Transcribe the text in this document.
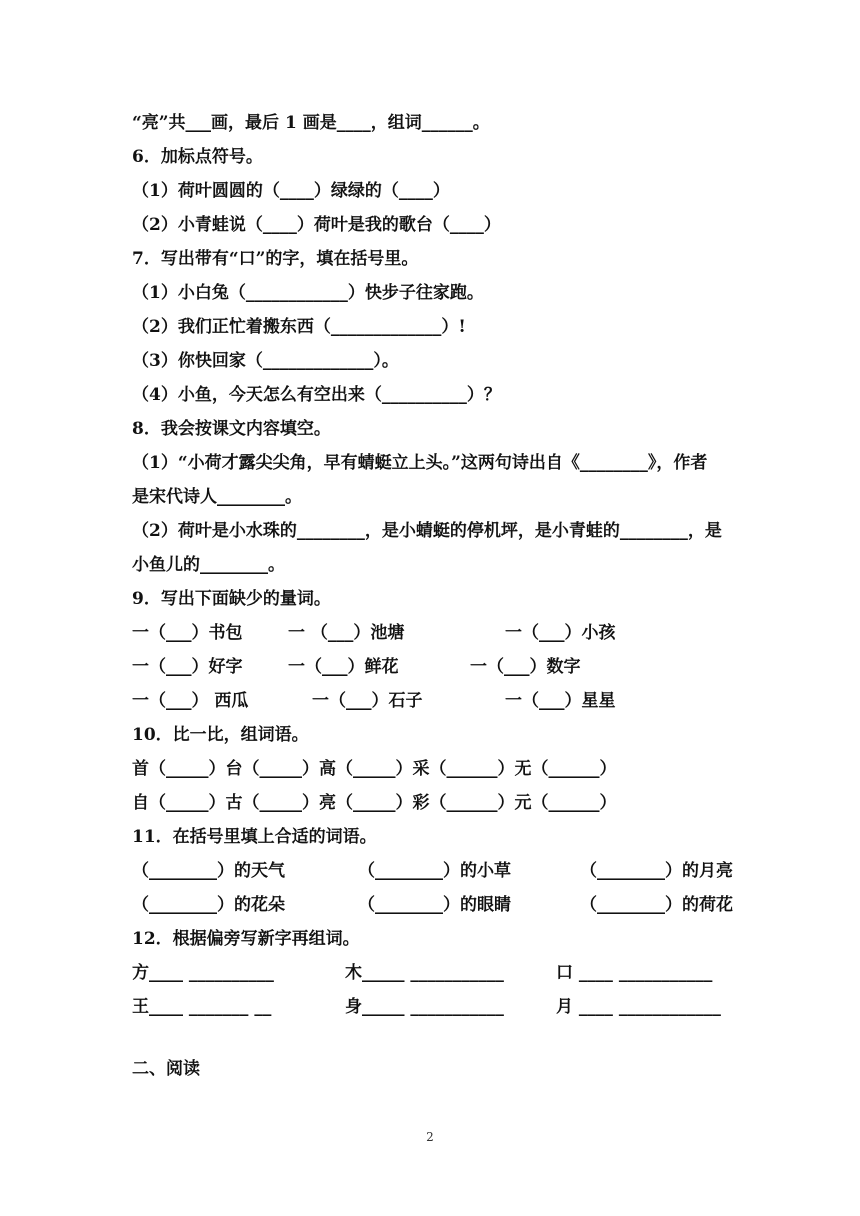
“亮”共___画，最后 1 画是____，组词______。
6．加标点符号。
（1）荷叶圆圆的（____）绿绿的（____）
（2）小青蛙说（____）荷叶是我的歌台（____）
7．写出带有“口”的字，填在括号里。
（1）小白兔（____________）快步子往家跑。
（2）我们正忙着搬东西（_____________）!
（3）你快回家（_____________）。
（4）小鱼，今天怎么有空出来（__________）？
8．我会按课文内容填空。
（1）“小荷才露尖尖角，早有蜻蜓立上头。”这两句诗出自《________》，作者
是宋代诗人________。
（2）荷叶是小水珠的________，是小蜻蜓的停机坪，是小青蛙的________，是
小鱼儿的________。
9．写出下面缺少的量词。
一（___）书包	一 （___）池塘	一（___）小孩
一（___）好字	一（___）鲜花	一（___）数字
一（___） 西瓜	一（___）石子	一（___）星星
10．比一比，组词语。
首（_____）台（_____）高（_____）采（______）无（______）
自（_____）古（_____）亮（_____）彩（______）元（______）
11．在括号里填上合适的词语。
（________）的天气	（________）的小草	（________）的月亮
（________）的花朵	（________）的眼睛	（________）的荷花
12．根据偏旁写新字再组词。
方____ __________	木_____ ___________	口 ____ ___________
王____ _______ __	身_____ ___________	月 ____ ____________
二、阅读
2
